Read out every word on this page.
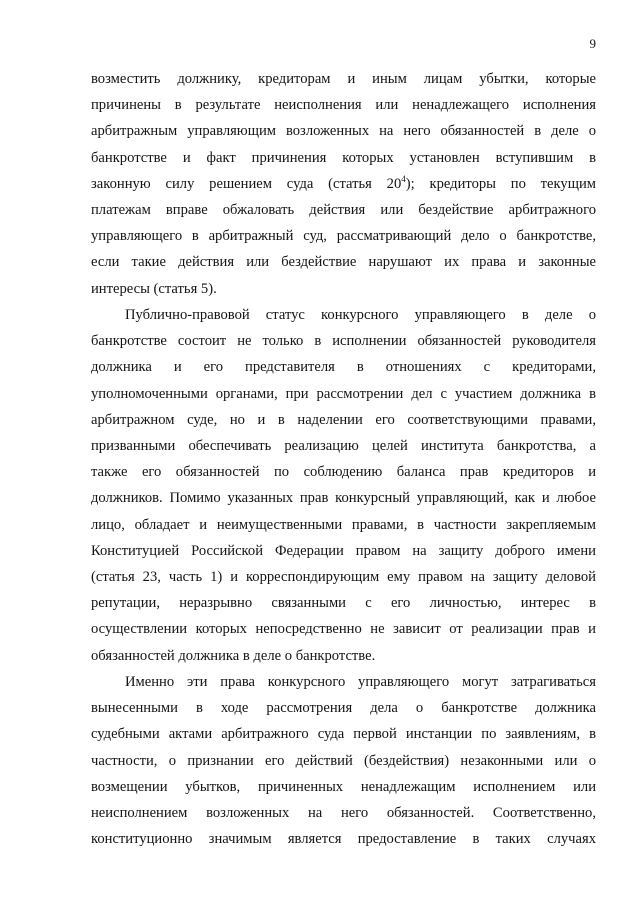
9
возместить должнику, кредиторам и иным лицам убытки, которые
причинены в результате неисполнения или ненадлежащего исполнения
арбитражным управляющим возложенных на него обязанностей в деле о
банкротстве и факт причинения которых установлен вступившим в
законную силу решением суда (статья $20^4$); кредиторы по текущим
платежам вправе обжаловать действия или бездействие арбитражного
управляющего в арбитражный суд, рассматривающий дело о банкротстве,
если такие действия или бездействие нарушают их права и законные
интересы (статья 5).
Публично-правовой статус конкурсного управляющего в деле о
банкротстве состоит не только в исполнении обязанностей руководителя
должника и его представителя в отношениях с кредиторами,
уполномоченными органами, при рассмотрении дел с участием должника в
арбитражном суде, но и в наделении его соответствующими правами,
призванными обеспечивать реализацию целей института банкротства, а
также его обязанностей по соблюдению баланса прав кредиторов и
должников. Помимо указанных прав конкурсный управляющий, как и любое
лицо, обладает и неимущественными правами, в частности закрепляемым
Конституцией Российской Федерации правом на защиту доброго имени
(статья 23, часть 1) и корреспондирующим ему правом на защиту деловой
репутации, неразрывно связанными с его личностью, интерес в
осуществлении которых непосредственно не зависит от реализации прав и
обязанностей должника в деле о банкротстве.
Именно эти права конкурсного управляющего могут затрагиваться
вынесенными в ходе рассмотрения дела о банкротстве должника
судебными актами арбитражного суда первой инстанции по заявлениям, в
частности, о признании его действий (бездействия) незаконными или о
возмещении убытков, причиненных ненадлежащим исполнением или
неисполнением возложенных на него обязанностей. Соответственно,
конституционно значимым является предоставление в таких случаях
